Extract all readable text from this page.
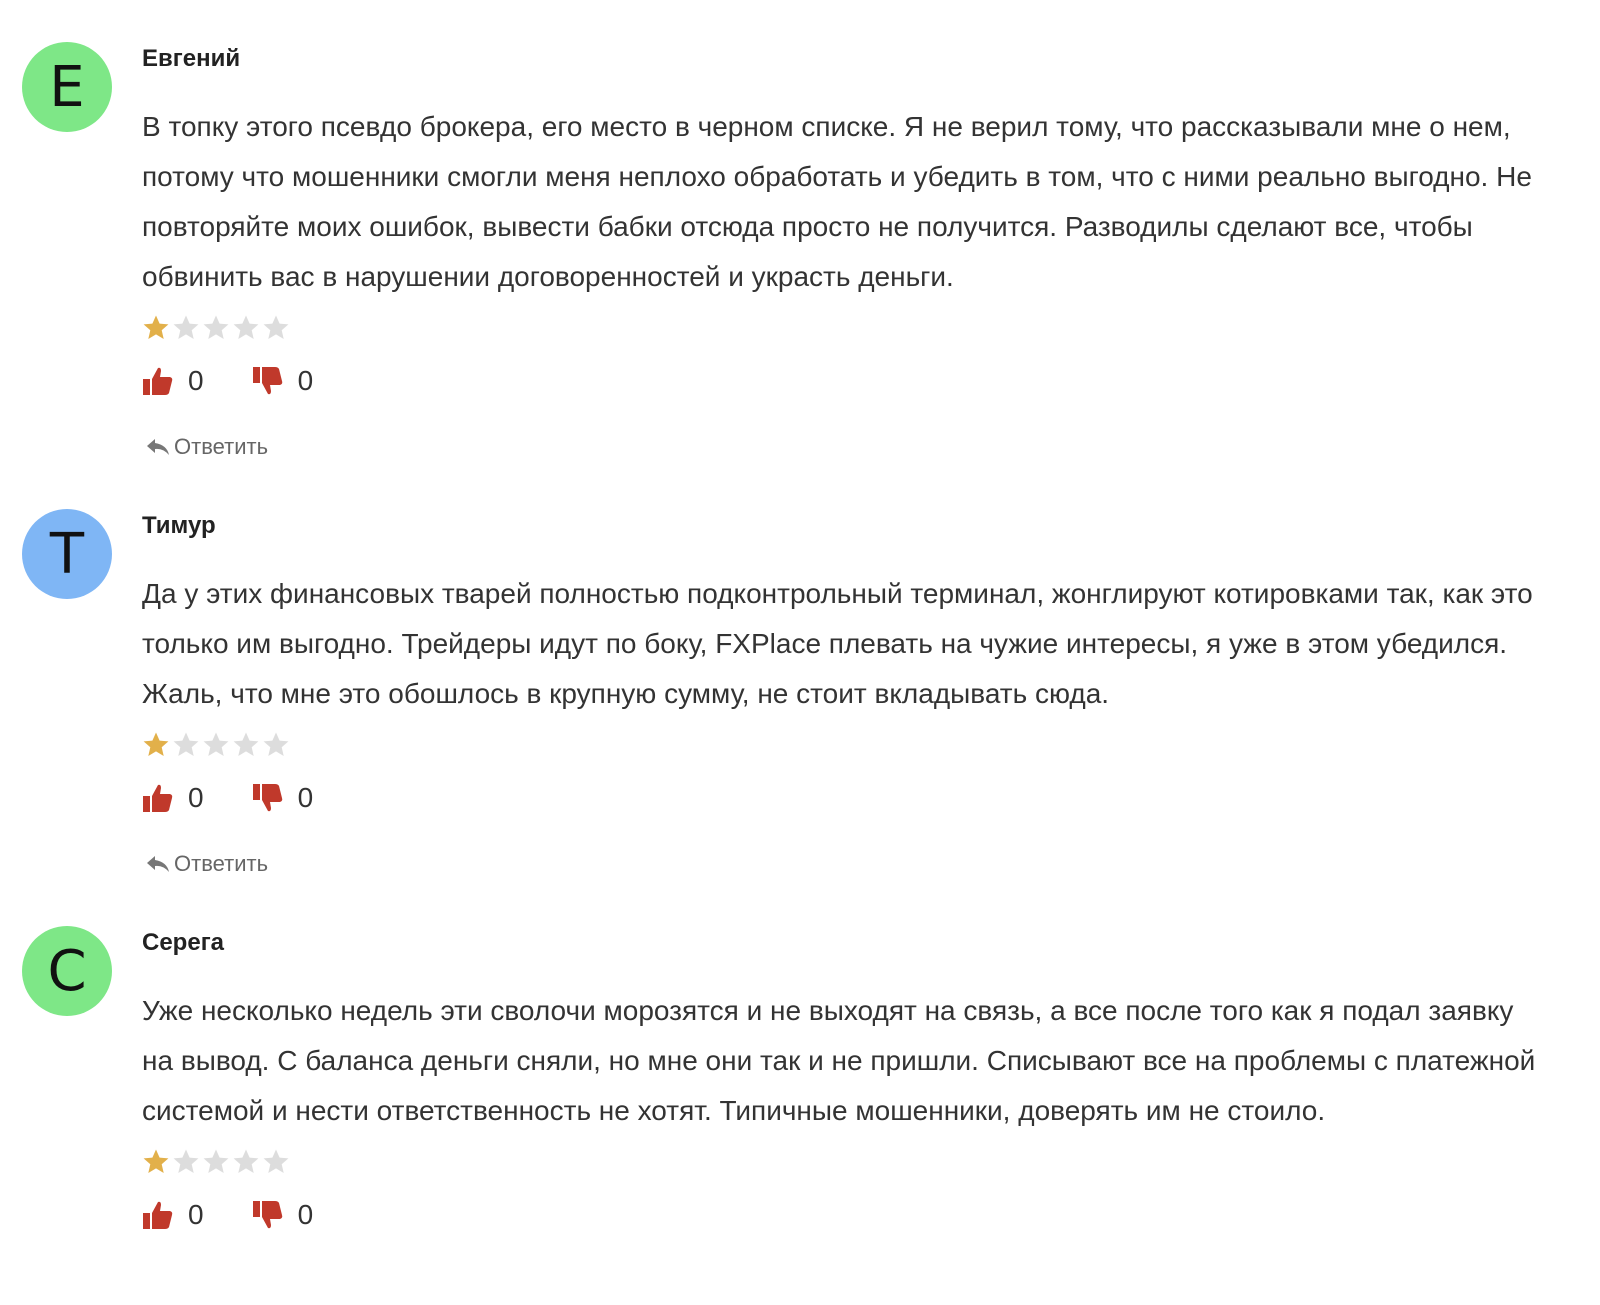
Е	Евгений
В топку этого псевдо брокера, его место в черном списке. Я не верил тому, что рассказывали мне о нем, потому что мошенники смогли меня неплохо обработать и убедить в том, что с ними реально выгодно. Не повторяйте моих ошибок, вывести бабки отсюда просто не получится. Разводилы сделают все, чтобы обвинить вас в нарушении договоренностей и украсть деньги.
0	0
Ответить
Т	Тимур
Да у этих финансовых тварей полностью подконтрольный терминал, жонглируют котировками так, как это только им выгодно. Трейдеры идут по боку, FXPlace плевать на чужие интересы, я уже в этом убедился. Жаль, что мне это обошлось в крупную сумму, не стоит вкладывать сюда.
0	0
Ответить
С	Серега
Уже несколько недель эти сволочи морозятся и не выходят на связь, а все после того как я подал заявку на вывод. С баланса деньги сняли, но мне они так и не пришли. Списывают все на проблемы с платежной системой и нести ответственность не хотят. Типичные мошенники, доверять им не стоило.
0	0
